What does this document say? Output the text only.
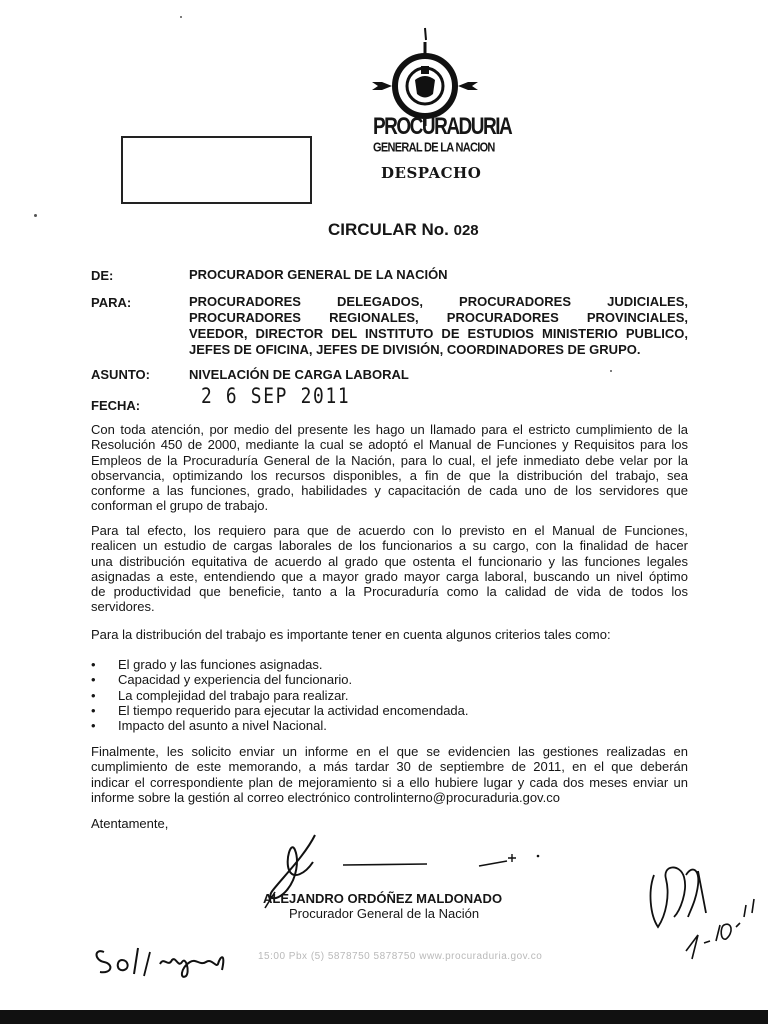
PROCURADURIA
GENERAL DE LA NACION
DESPACHO
CIRCULAR No. 028
DE:	PROCURADOR GENERAL DE LA NACIÓN
PARA:	PROCURADORES DELEGADOS, PROCURADORES JUDICIALES,
PROCURADORES REGIONALES, PROCURADORES PROVINCIALES,
VEEDOR, DIRECTOR DEL INSTITUTO DE ESTUDIOS MINISTERIO PUBLICO,
JEFES DE OFICINA, JEFES DE DIVISIÓN, COORDINADORES DE GRUPO.
ASUNTO:	NIVELACIÓN DE CARGA LABORAL
FECHA:	2 6 SEP 2011
Con toda atención, por medio del presente les hago un llamado para el estricto cumplimiento de la
Resolución 450 de 2000, mediante la cual se adoptó el Manual de Funciones y Requisitos para los
Empleos de la Procuraduría General de la Nación, para lo cual, el jefe inmediato debe velar por la
observancia, optimizando los recursos disponibles, a fin de que la distribución del trabajo, sea
conforme a las funciones, grado, habilidades y capacitación de cada uno de los servidores que
conforman el grupo de trabajo.
Para tal efecto, los requiero para que de acuerdo con lo previsto en el Manual de Funciones,
realicen un estudio de cargas laborales de los funcionarios a su cargo, con la finalidad de hacer
una distribución equitativa de acuerdo al grado que ostenta el funcionario y las funciones legales
asignadas a este, entendiendo que a mayor grado mayor carga laboral, buscando un nivel óptimo
de productividad que beneficie, tanto a la Procuraduría como la calidad de vida de todos los
servidores.
Para la distribución del trabajo es importante tener en cuenta algunos criterios tales como:
• El grado y las funciones asignadas.
• Capacidad y experiencia del funcionario.
• La complejidad del trabajo para realizar.
• El tiempo requerido para ejecutar la actividad encomendada.
• Impacto del asunto a nivel Nacional.
Finalmente, les solicito enviar un informe en el que se evidencien las gestiones realizadas en
cumplimiento de este memorando, a más tardar 30 de septiembre de 2011, en el que deberán
indicar el correspondiente plan de mejoramiento si a ello hubiere lugar y cada dos meses enviar un
informe sobre la gestión al correo electrónico controlinterno@procuraduria.gov.co
Atentamente,
ALEJANDRO ORDÓÑEZ MALDONADO
Procurador General de la Nación
15:00 Pbx (5) 5878750 5878750 www.procuraduria.gov.co
